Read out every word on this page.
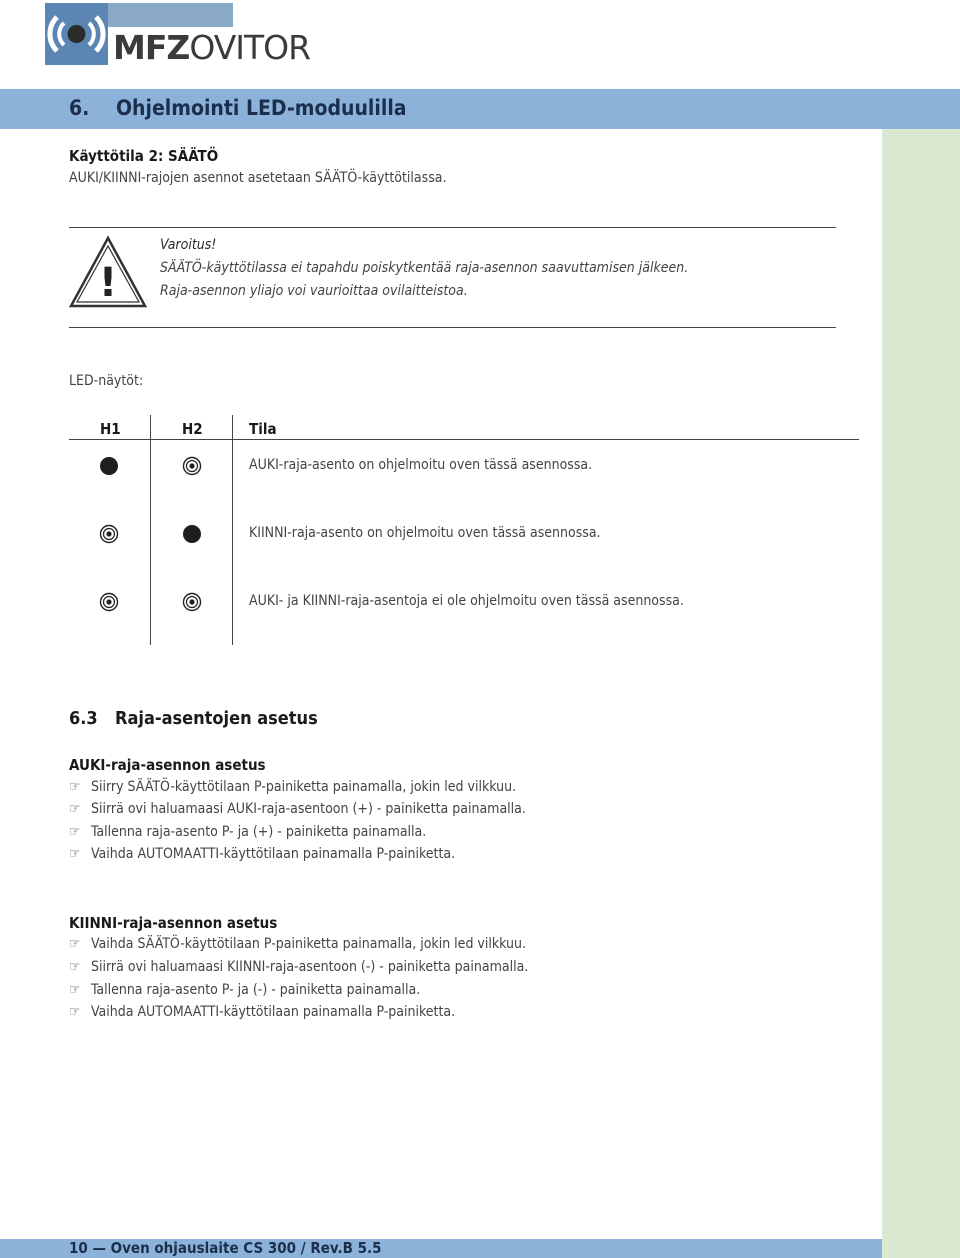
MFZOVITOR
6. Ohjelmointi LED-moduulilla
Käyttötila 2: SÄÄTÖ
AUKI/KIINNI-rajojen asennot asetetaan SÄÄTÖ-käyttötilassa.
!
Varoitus!
SÄÄTÖ-käyttötilassa ei tapahdu poiskytkentää raja-asennon saavuttamisen jälkeen.
Raja-asennon yliajo voi vaurioittaa ovilaitteistoa.
LED-näytöt:
H1	H2	Tila
AUKI-raja-asento on ohjelmoitu oven tässä asennossa.
KIINNI-raja-asento on ohjelmoitu oven tässä asennossa.
AUKI- ja KIINNI-raja-asentoja ei ole ohjelmoitu oven tässä asennossa.
6.3 Raja-asentojen asetus
AUKI-raja-asennon asetus
☞ Siirry SÄÄTÖ-käyttötilaan P-painiketta painamalla, jokin led vilkkuu.
☞ Siirrä ovi haluamaasi AUKI-raja-asentoon (+) - painiketta painamalla.
☞ Tallenna raja-asento P- ja (+) - painiketta painamalla.
☞ Vaihda AUTOMAATTI-käyttötilaan painamalla P-painiketta.
KIINNI-raja-asennon asetus
☞ Vaihda SÄÄTÖ-käyttötilaan P-painiketta painamalla, jokin led vilkkuu.
☞ Siirrä ovi haluamaasi KIINNI-raja-asentoon (-) - painiketta painamalla.
☞ Tallenna raja-asento P- ja (-) - painiketta painamalla.
☞ Vaihda AUTOMAATTI-käyttötilaan painamalla P-painiketta.
10 — Oven ohjauslaite CS 300 / Rev.B 5.5
